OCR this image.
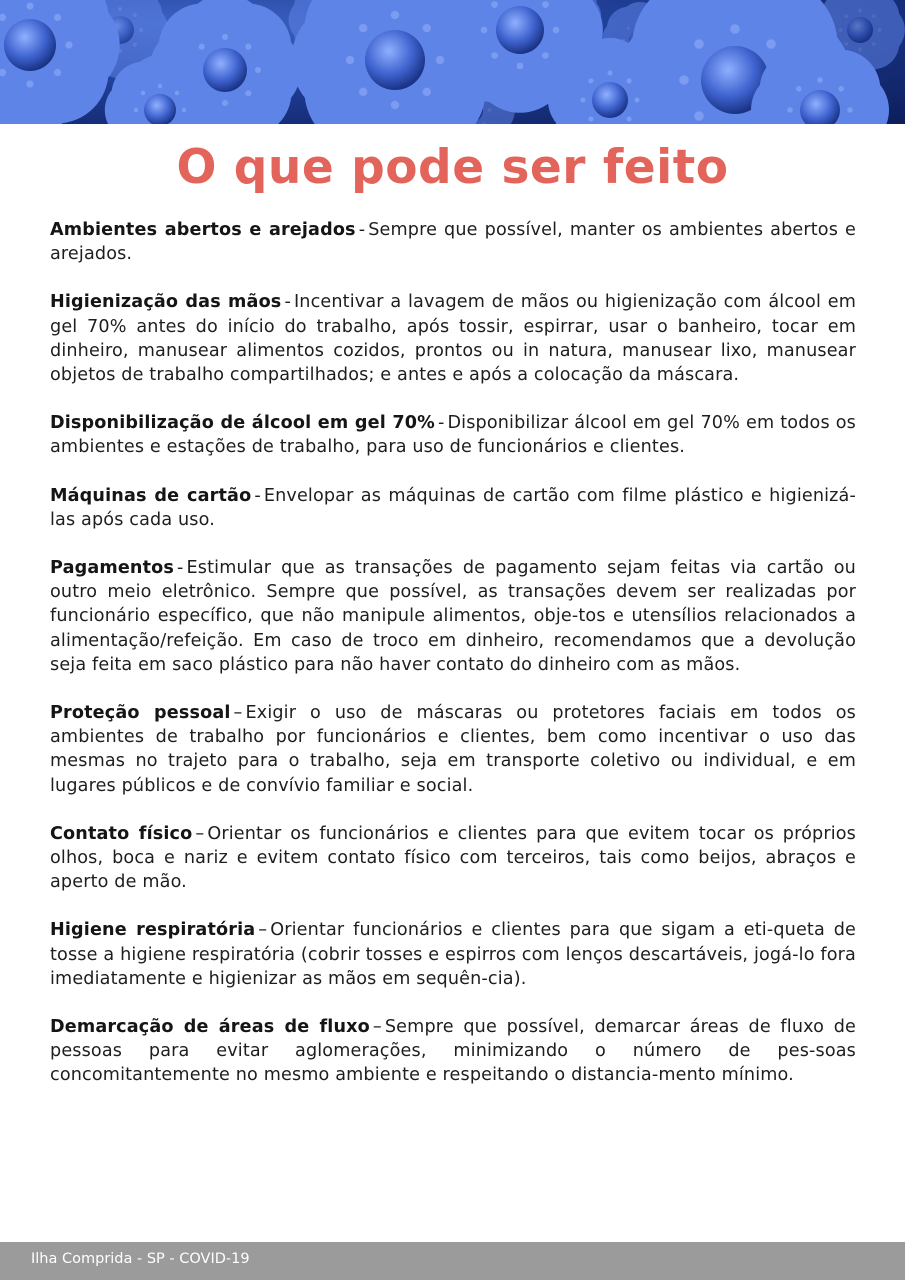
O que pode ser feito

Ambientes abertos e arejados - Sempre que possível, manter os ambientes abertos e arejados.

Higienização das mãos - Incentivar a lavagem de mãos ou higienização com álcool em gel 70% antes do início do trabalho, após tossir, espirrar, usar o banheiro, tocar em dinheiro, manusear alimentos cozidos, prontos ou in natura, manusear lixo, manusear objetos de trabalho compartilhados; e antes e após a colocação da máscara.

Disponibilização de álcool em gel 70% - Disponibilizar álcool em gel 70% em todos os ambientes e estações de trabalho, para uso de funcionários e clientes.

Máquinas de cartão - Envelopar as máquinas de cartão com filme plástico e higienizá-las após cada uso.

Pagamentos - Estimular que as transações de pagamento sejam feitas via cartão ou outro meio eletrônico. Sempre que possível, as transações devem ser realizadas por funcionário específico, que não manipule alimentos, obje-tos e utensílios relacionados a alimentação/refeição. Em caso de troco em dinheiro, recomendamos que a devolução seja feita em saco plástico para não haver contato do dinheiro com as mãos.

Proteção pessoal – Exigir o uso de máscaras ou protetores faciais em todos os ambientes de trabalho por funcionários e clientes, bem como incentivar o uso das mesmas no trajeto para o trabalho, seja em transporte coletivo ou individual, e em lugares públicos e de convívio familiar e social.

Contato físico – Orientar os funcionários e clientes para que evitem tocar os próprios olhos, boca e nariz e evitem contato físico com terceiros, tais como beijos, abraços e aperto de mão.

Higiene respiratória – Orientar funcionários e clientes para que sigam a eti-queta de tosse a higiene respiratória (cobrir tosses e espirros com lenços descartáveis, jogá-lo fora imediatamente e higienizar as mãos em sequên-cia).

Demarcação de áreas de fluxo – Sempre que possível, demarcar áreas de fluxo de pessoas para evitar aglomerações, minimizando o número de pes-soas concomitantemente no mesmo ambiente e respeitando o distancia-mento mínimo.

Ilha Comprida - SP - COVID-19
